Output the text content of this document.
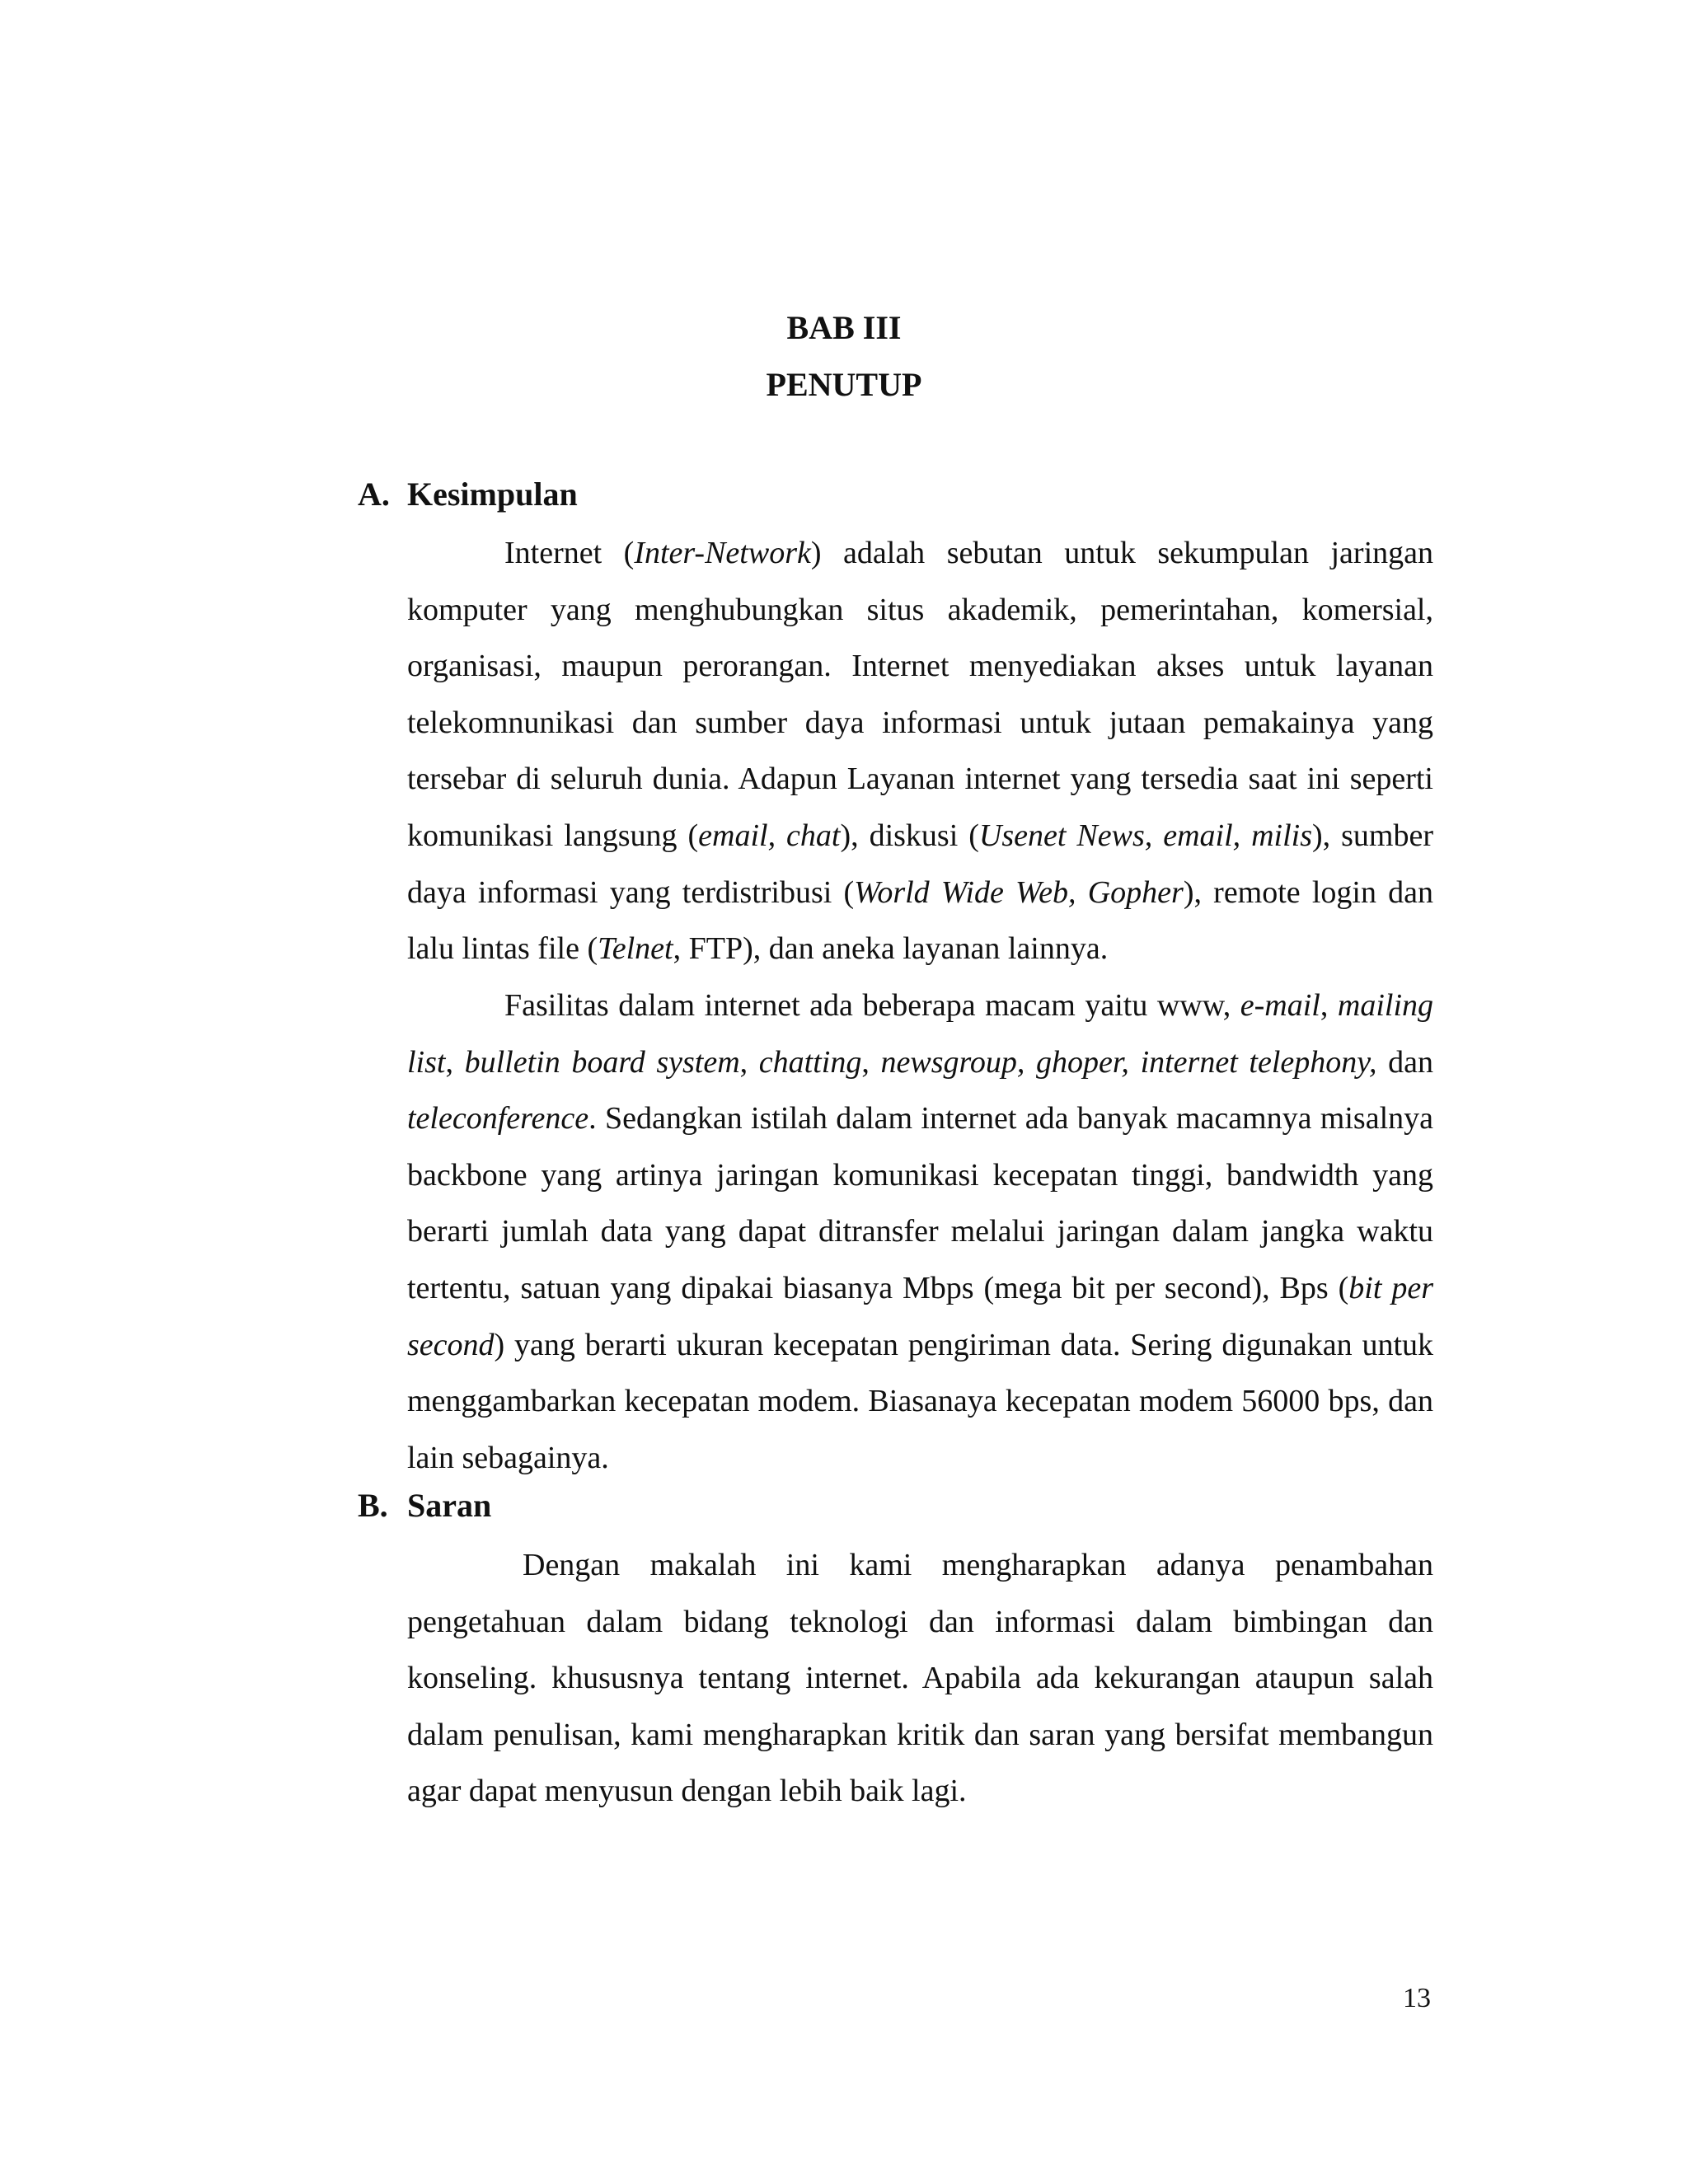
BAB III
PENUTUP
A. Kesimpulan

Internet (Inter-Network) adalah sebutan untuk sekumpulan jaringan komputer yang menghubungkan situs akademik, pemerintahan, komersial, organisasi, maupun perorangan. Internet menyediakan akses untuk layanan telekomnunikasi dan sumber daya informasi untuk jutaan pemakainya yang tersebar di seluruh dunia. Adapun Layanan internet yang tersedia saat ini seperti komunikasi langsung (email, chat), diskusi (Usenet News, email, milis), sumber daya informasi yang terdistribusi (World Wide Web, Gopher), remote login dan lalu lintas file (Telnet, FTP), dan aneka layanan lainnya.

Fasilitas dalam internet ada beberapa macam yaitu www, e-mail, mailing list, bulletin board system, chatting, newsgroup, ghoper, internet telephony, dan teleconference. Sedangkan istilah dalam internet ada banyak macamnya misalnya backbone yang artinya jaringan komunikasi kecepatan tinggi, bandwidth yang berarti jumlah data yang dapat ditransfer melalui jaringan dalam jangka waktu tertentu, satuan yang dipakai biasanya Mbps (mega bit per second), Bps (bit per second) yang berarti ukuran kecepatan pengiriman data. Sering digunakan untuk menggambarkan kecepatan modem. Biasanaya kecepatan modem 56000 bps, dan lain sebagainya.

B. Saran

Dengan makalah ini kami mengharapkan adanya penambahan pengetahuan dalam bidang teknologi dan informasi dalam bimbingan dan konseling. khususnya tentang internet. Apabila ada kekurangan ataupun salah dalam penulisan, kami mengharapkan kritik dan saran yang bersifat membangun agar dapat menyusun dengan lebih baik lagi.

13
